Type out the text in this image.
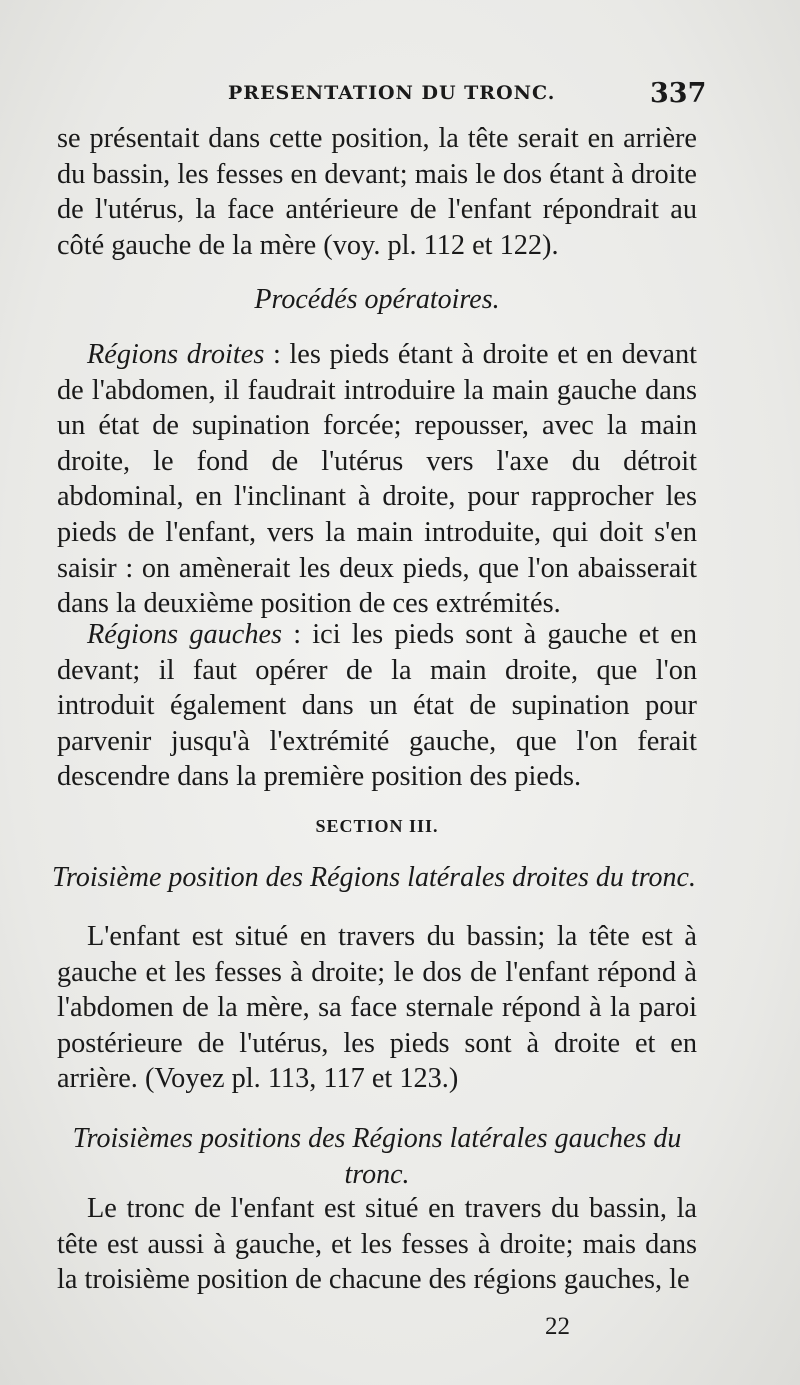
PRESENTATION DU TRONC.	337
se présentait dans cette position, la tête serait en arrière du bassin, les fesses en devant; mais le dos étant à droite de l'utérus, la face antérieure de l'enfant répondrait au côté gauche de la mère (voy. pl. 112 et 122).
Procédés opératoires.
Régions droites : les pieds étant à droite et en devant de l'abdomen, il faudrait introduire la main gauche dans un état de supination forcée; repousser, avec la main droite, le fond de l'utérus vers l'axe du détroit abdominal, en l'inclinant à droite, pour rapprocher les pieds de l'enfant, vers la main introduite, qui doit s'en saisir : on amènerait les deux pieds, que l'on abaisserait dans la deuxième position de ces extrémités.
Régions gauches : ici les pieds sont à gauche et en devant; il faut opérer de la main droite, que l'on introduit également dans un état de supination pour parvenir jusqu'à l'extrémité gauche, que l'on ferait descendre dans la première position des pieds.
SECTION III.
Troisième position des Régions latérales droites du tronc.
L'enfant est situé en travers du bassin; la tête est à gauche et les fesses à droite; le dos de l'enfant répond à l'abdomen de la mère, sa face sternale répond à la paroi postérieure de l'utérus, les pieds sont à droite et en arrière. (Voyez pl. 113, 117 et 123.)
Troisièmes positions des Régions latérales gauches du tronc.
Le tronc de l'enfant est situé en travers du bassin, la tête est aussi à gauche, et les fesses à droite; mais dans la troisième position de chacune des régions gauches, le
22
